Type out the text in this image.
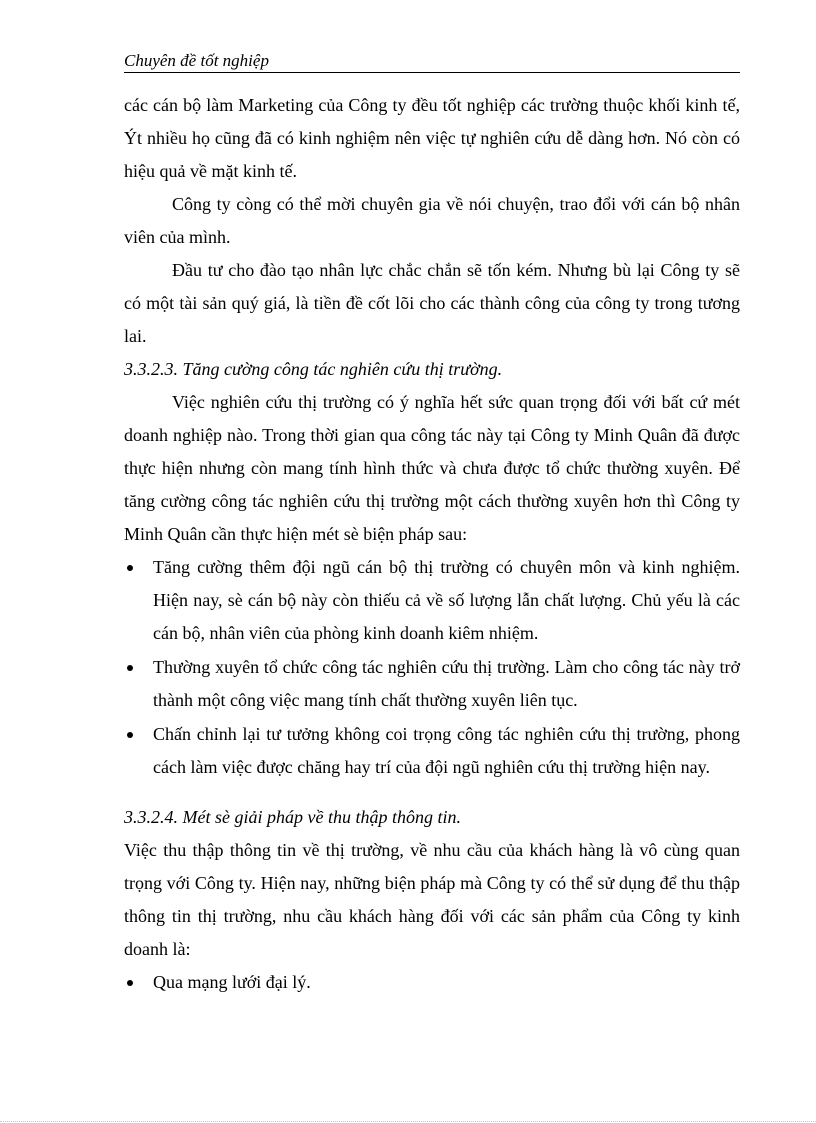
Chuyên đề tốt nghiệp

các cán bộ làm Marketing của Công ty đều tốt nghiệp các trường thuộc khối kinh tế, Ýt nhiều họ cũng đã có kinh nghiệm nên việc tự nghiên cứu dễ dàng hơn. Nó còn có hiệu quả về mặt kinh tế.

Công ty còng có thể mời chuyên gia về nói chuyện, trao đổi với cán bộ nhân viên của mình.

Đầu tư cho đào tạo nhân lực chắc chắn sẽ tốn kém. Nhưng bù lại Công ty sẽ có một tài sản quý giá, là tiền đề cốt lõi cho các thành công của công ty trong tương lai.

3.3.2.3. Tăng cường công tác nghiên cứu thị trường.

Việc nghiên cứu thị trường có ý nghĩa hết sức quan trọng đối với bất cứ mét doanh nghiệp nào. Trong thời gian qua công tác này tại Công ty Minh Quân đã được thực hiện nhưng còn mang tính hình thức và chưa được tổ chức thường xuyên. Để tăng cường công tác nghiên cứu thị trường một cách thường xuyên hơn thì Công ty Minh Quân cần thực hiện mét sè biện pháp sau:

Tăng cường thêm đội ngũ cán bộ thị trường có chuyên môn và kinh nghiệm. Hiện nay, sè cán bộ này còn thiếu cả về số lượng lẫn chất lượng. Chủ yếu là các cán bộ, nhân viên của phòng kinh doanh kiêm nhiệm.
Thường xuyên tổ chức công tác nghiên cứu thị trường. Làm cho công tác này trở thành một công việc mang tính chất thường xuyên liên tục.
Chấn chỉnh lại tư tưởng không coi trọng công tác nghiên cứu thị trường, phong cách làm việc được chăng hay trí của đội ngũ nghiên cứu thị trường hiện nay.

3.3.2.4. Mét sè giải pháp về thu thập thông tin.

Việc thu thập thông tin về thị trường, về nhu cầu của khách hàng là vô cùng quan trọng với Công ty. Hiện nay, những biện pháp mà Công ty có thể sử dụng để thu thập thông tin thị trường, nhu cầu khách hàng đối với các sản phẩm của Công ty kinh doanh là:

Qua mạng lưới đại lý.
